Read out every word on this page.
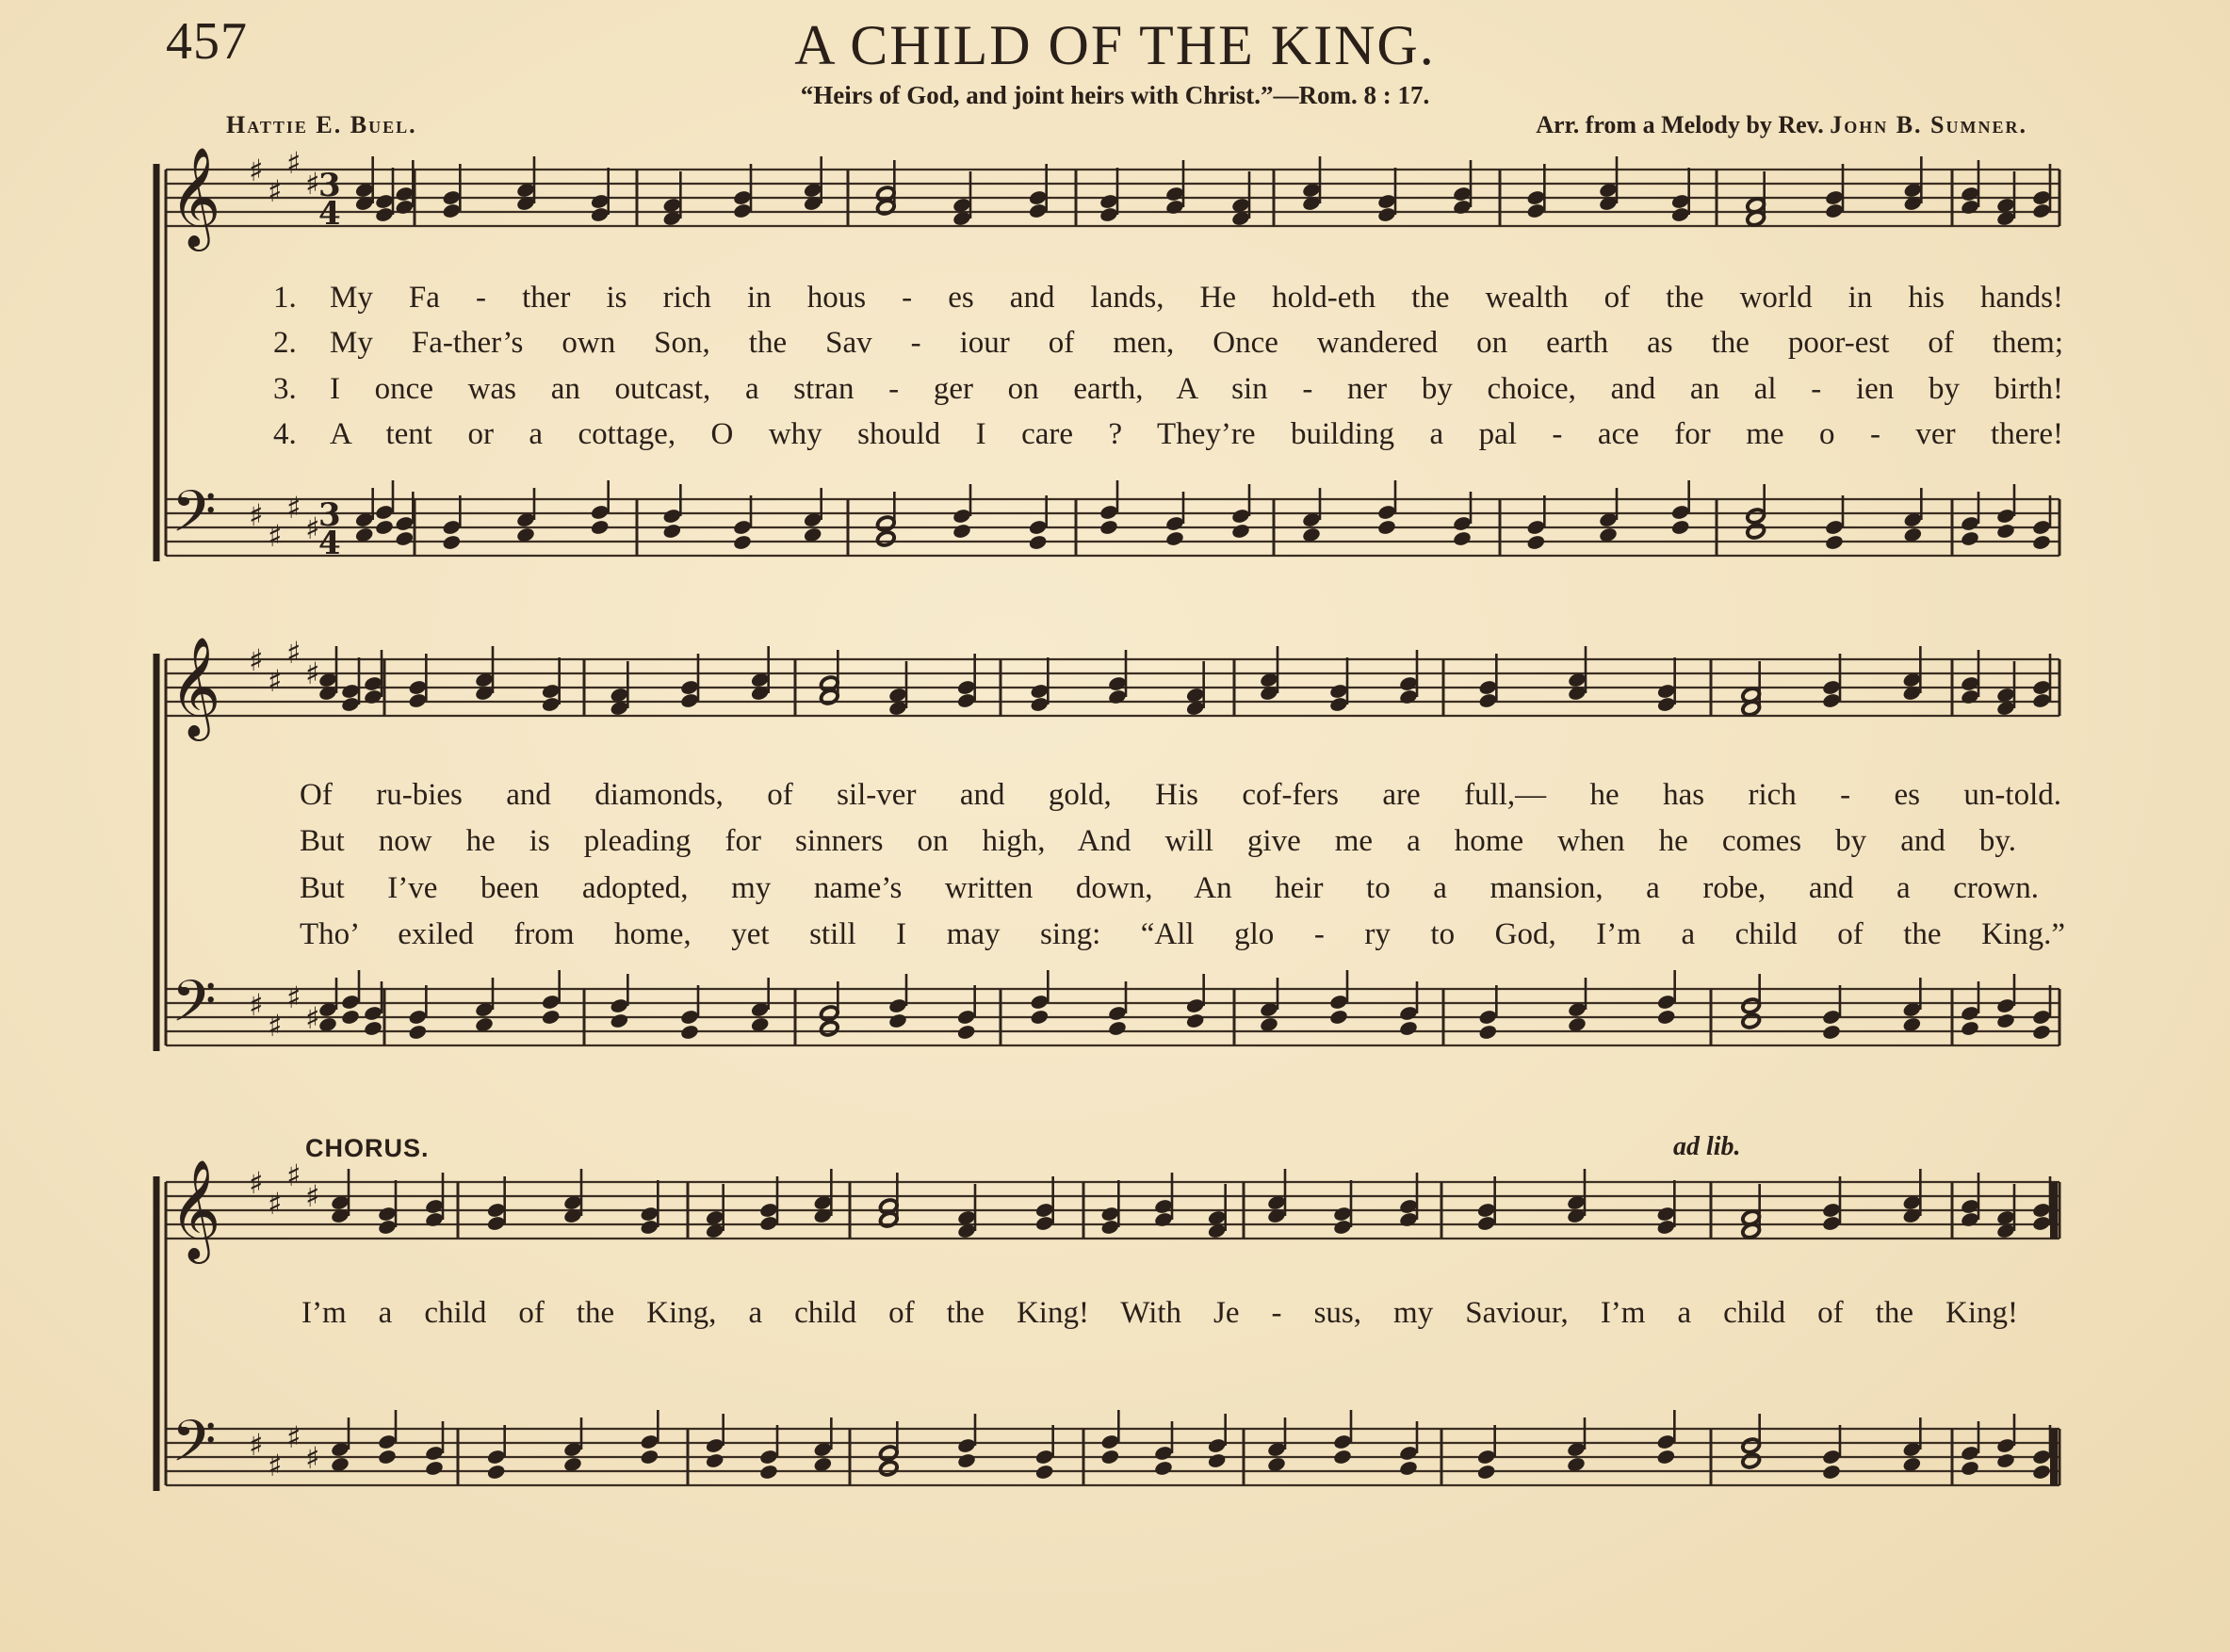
457	A CHILD OF THE KING.
“Heirs of God, and joint heirs with Christ.”—Rom. 8 : 17.
Hattie E. Buel.	Arr. from a Melody by Rev. John B. Sumner.
𝄞
𝄢
♯
♯
♯
♯
♯
♯
♯
♯
3
4
3
4
1. My Fa - ther is rich in hous - es and lands, He hold-eth the wealth of the world in his hands!
2. My Fa-ther’s own Son, the Sav - iour of men, Once wandered on earth as the poor-est of them;
3. I once was an outcast, a stran - ger on earth, A sin - ner by choice, and an al - ien by birth!
4. A tent or a cottage, O why should I care ? They’re building a pal - ace for me o - ver there!
𝄞
𝄢
♯
♯
♯
♯
♯
♯
♯
♯
Of ru-bies and diamonds, of sil-ver and gold, His cof-fers are full,— he has rich - es un-told.
But now he is pleading for sinners on high, And will give me a home when he comes by and by.
But I’ve been adopted, my name’s written down, An heir to a mansion, a robe, and a crown.
Tho’ exiled from home, yet still I may sing: “All glo - ry to God, I’m a child of the King.”
CHORUS.	ad lib.
𝄞
𝄢
♯
♯
♯
♯
♯
♯
♯
♯
I’m a child of the King, a child of the King! With Je - sus, my Saviour, I’m a child of the King!
